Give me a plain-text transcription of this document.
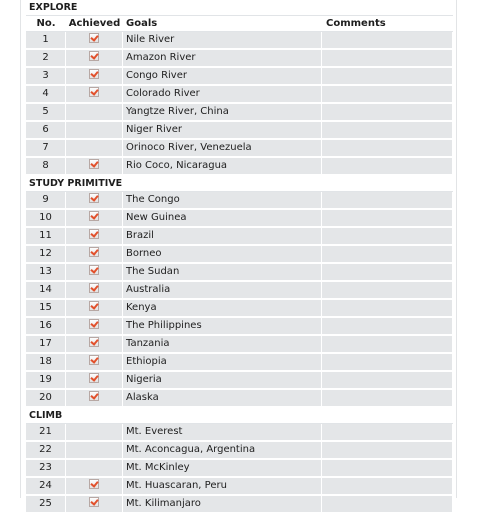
EXPLORE			
No.	Achieved	Goals	Comments
1		Nile River	
2		Amazon River	
3		Congo River	
4		Colorado River	
5		Yangtze River, China	
6		Niger River	
7		Orinoco River, Venezuela	
8		Rio Coco, Nicaragua	
STUDY PRIMITIVE			
9		The Congo	
10		New Guinea	
11		Brazil	
12		Borneo	
13		The Sudan	
14		Australia	
15		Kenya	
16		The Philippines	
17		Tanzania	
18		Ethiopia	
19		Nigeria	
20		Alaska	
CLIMB			
21		Mt. Everest	
22		Mt. Aconcagua, Argentina	
23		Mt. McKinley	
24		Mt. Huascaran, Peru	
25		Mt. Kilimanjaro	
